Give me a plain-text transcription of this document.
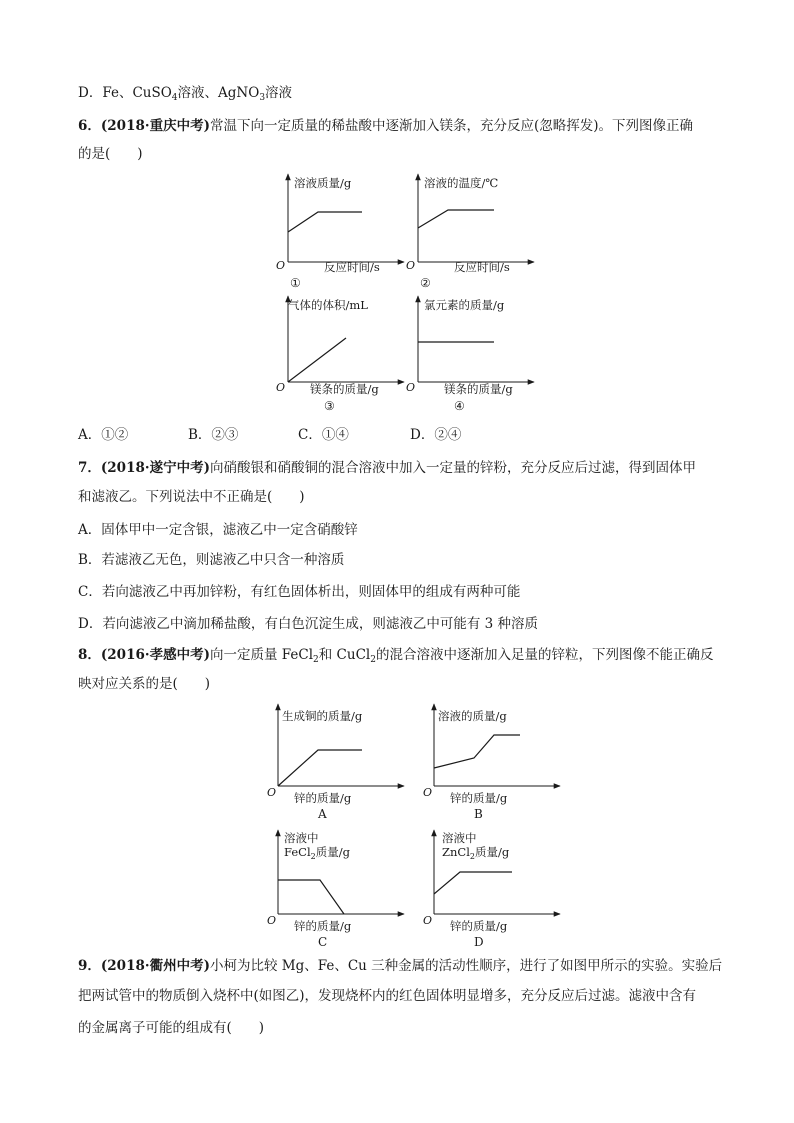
D．Fe、CuSO$_4$溶液、AgNO$_3$溶液
6．(2018·重庆中考)常温下向一定质量的稀盐酸中逐渐加入镁条，充分反应(忽略挥发)。下列图像正确
的是(　　)
溶液质量/g
O	反应时间/s
①
溶液的温度/℃
O	反应时间/s
②
气体的体积/mL
O 镁条的质量/g
③
氯元素的质量/g
O	镁条的质量/g
④
A．①②	B．②③	C．①④	D．②④
7．(2018·遂宁中考)向硝酸银和硝酸铜的混合溶液中加入一定量的锌粉，充分反应后过滤，得到固体甲
和滤液乙。下列说法中不正确是(　　)
A．固体甲中一定含银，滤液乙中一定含硝酸锌
B．若滤液乙无色，则滤液乙中只含一种溶质
C．若向滤液乙中再加锌粉，有红色固体析出，则固体甲的组成有两种可能
D．若向滤液乙中滴加稀盐酸，有白色沉淀生成，则滤液乙中可能有 3 种溶质
8．(2016·孝感中考)向一定质量 FeCl$_2$和 CuCl$_2$的混合溶液中逐渐加入足量的锌粒，下列图像不能正确反
映对应关系的是(　　)
生成铜的质量/g
O 锌的质量/g
A
溶液的质量/g
O 锌的质量/g
B
溶液中
FeCl$_2$质量/g
O 锌的质量/g
C
溶液中
ZnCl$_2$质量/g
O 锌的质量/g
D
9．(2018·衢州中考)小柯为比较 Mg、Fe、Cu 三种金属的活动性顺序，进行了如图甲所示的实验。实验后
把两试管中的物质倒入烧杯中(如图乙)，发现烧杯内的红色固体明显增多，充分反应后过滤。滤液中含有
的金属离子可能的组成有(　　)
